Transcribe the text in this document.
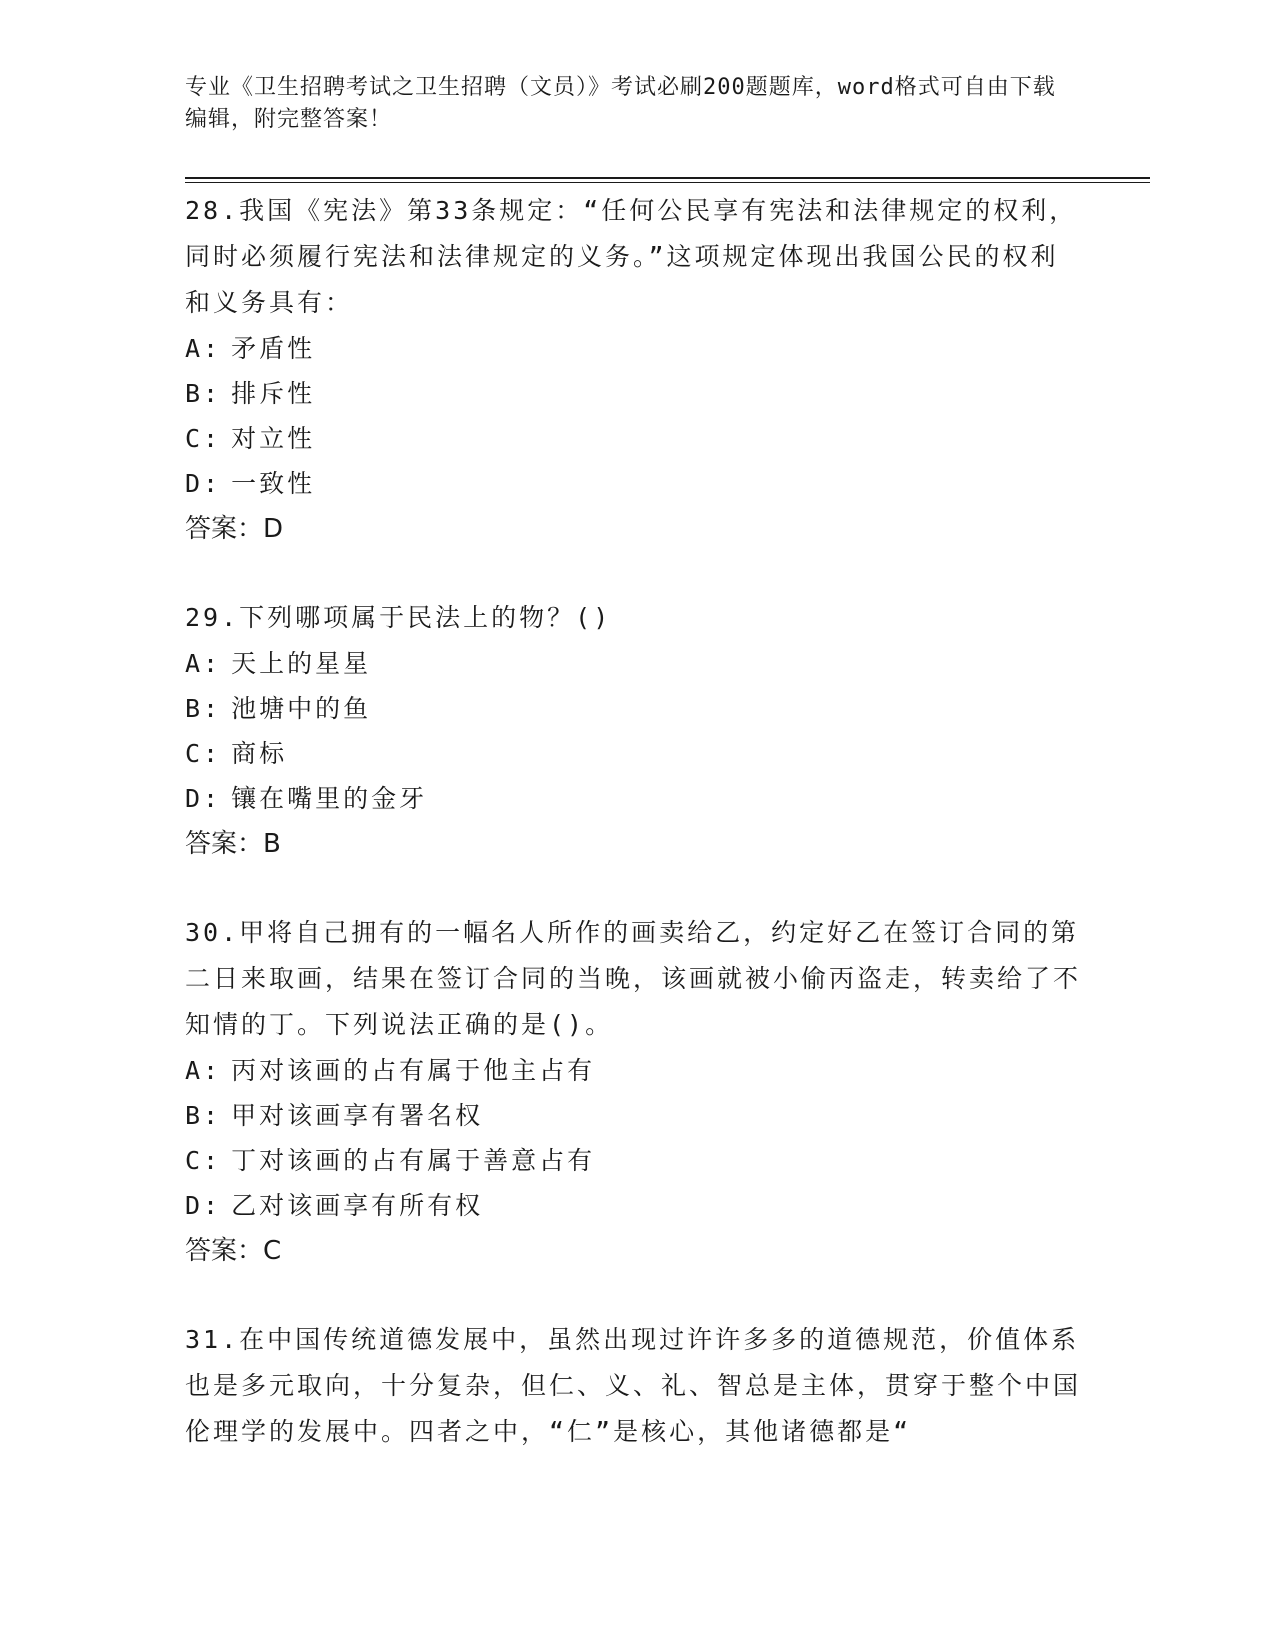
专业《卫生招聘考试之卫生招聘（文员）》考试必刷200题题库，word格式可自由下载编辑，附完整答案！

28.我国《宪法》第33条规定：“任何公民享有宪法和法律规定的权利，同时必须履行宪法和法律规定的义务。”这项规定体现出我国公民的权利和义务具有：

A: 矛盾性

B: 排斥性

C: 对立性

D: 一致性

答案：D

29.下列哪项属于民法上的物？()

A: 天上的星星

B: 池塘中的鱼

C: 商标

D: 镶在嘴里的金牙

答案：B

30.甲将自己拥有的一幅名人所作的画卖给乙，约定好乙在签订合同的第二日来取画，结果在签订合同的当晚，该画就被小偷丙盗走，转卖给了不知情的丁。下列说法正确的是()。

A: 丙对该画的占有属于他主占有

B: 甲对该画享有署名权

C: 丁对该画的占有属于善意占有

D: 乙对该画享有所有权

答案：C

31.在中国传统道德发展中，虽然出现过许许多多的道德规范，价值体系也是多元取向，十分复杂，但仁、义、礼、智总是主体，贯穿于整个中国伦理学的发展中。四者之中，“仁”是核心，其他诸德都是“
